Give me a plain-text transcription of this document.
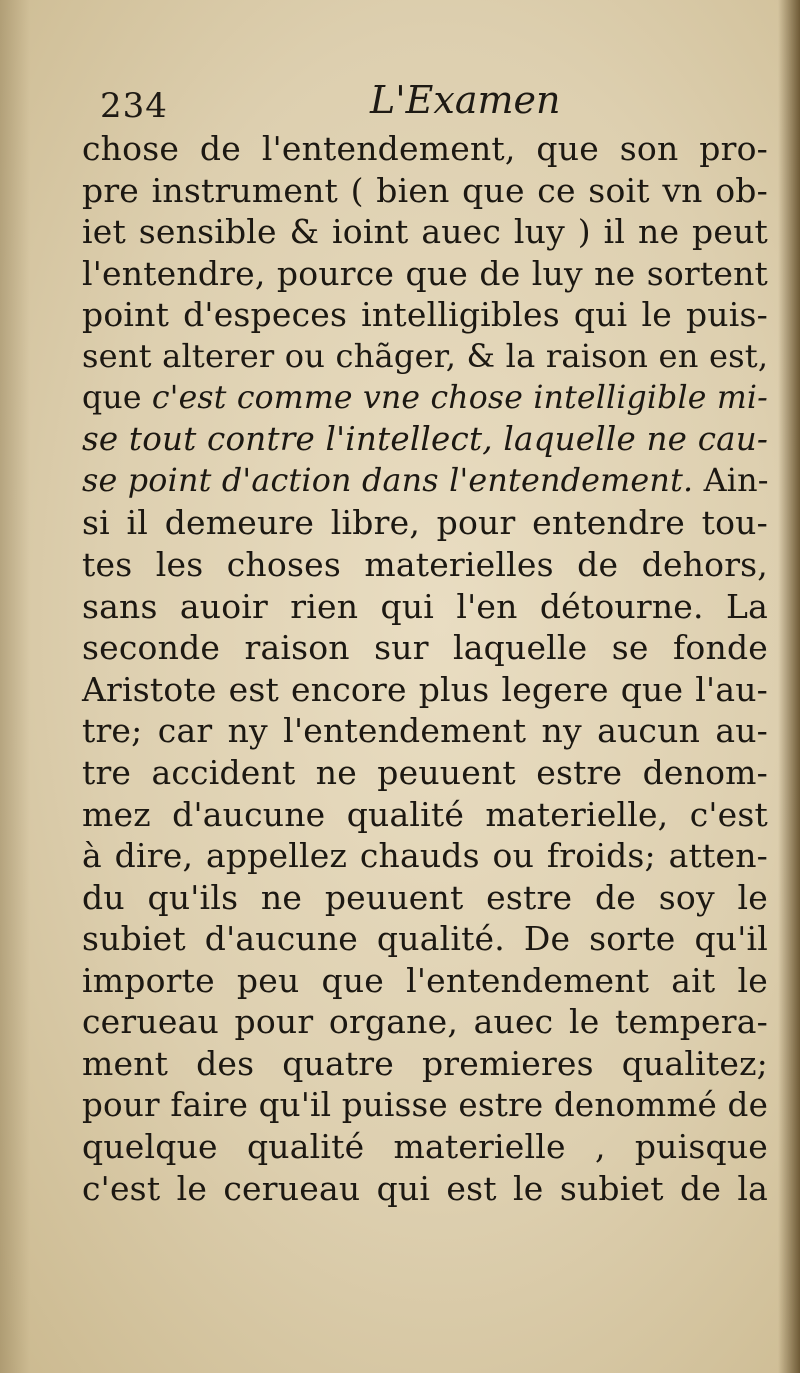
234	L'Examen
chose de l'entendement, que son pro-
pre instrument ( bien que ce soit vn ob-
iet sensible & ioint auec luy ) il ne peut
l'entendre, pource que de luy ne sortent
point d'especes intelligibles qui le puis-
sent alterer ou chãger, & la raison en est,
que c'est comme vne chose intelligible mi-
se tout contre l'intellect, laquelle ne cau-
se point d'action dans l'entendement. Ain-
si il demeure libre, pour entendre tou-
tes les choses materielles de dehors,
sans auoir rien qui l'en détourne. La
seconde raison sur laquelle se fonde
Aristote est encore plus legere que l'au-
tre; car ny l'entendement ny aucun au-
tre accident ne peuuent estre denom-
mez d'aucune qualité materielle, c'est
à dire, appellez chauds ou froids; atten-
du qu'ils ne peuuent estre de soy le
subiet d'aucune qualité. De sorte qu'il
importe peu que l'entendement ait le
cerueau pour organe, auec le tempera-
ment des quatre premieres qualitez;
pour faire qu'il puisse estre denommé de
quelque qualité materielle , puisque
c'est le cerueau qui est le subiet de la
